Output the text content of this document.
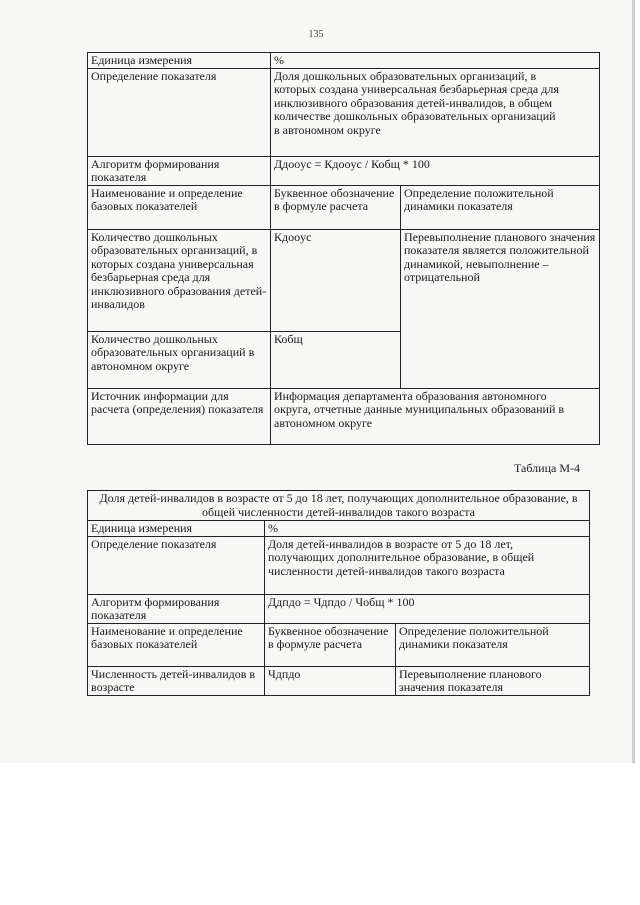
135
Единица измерения	%	
Определение показателя	Доля дошкольных образовательных организаций, в которых создана универсальная безбарьерная среда для инклюзивного образования детей-инвалидов, в общем количестве дошкольных образовательных организаций в автономном округе	
Алгоритм формирования показателя	Ддоoус = Кдоoус / Кобщ * 100	
Наименование и определение базовых показателей	Буквенное обозначение в формуле расчета	Определение положительной динамики показателя
Количество дошкольных образовательных организаций, в которых создана универсальная безбарьерная среда для инклюзивного образования детей-инвалидов	Кдоoус	Перевыполнение планового значения показателя является положительной динамикой, невыполнение – отрицательной
Количество дошкольных образовательных организаций в автономном округе	Кобщ	
Источник информации для расчета (определения) показателя	Информация департамента образования автономного округа, отчетные данные муниципальных образований в автономном округе	
Таблица М-4
Доля детей-инвалидов в возрасте от 5 до 18 лет, получающих дополнительное образование, в общей численности детей-инвалидов такого возраста		
Единица измерения	%	
Определение показателя	Доля детей-инвалидов в возрасте от 5 до 18 лет, получающих дополнительное образование, в общей численности детей-инвалидов такого возраста	
Алгоритм формирования показателя	Ддпдо = Чдпдо / Чобщ * 100	
Наименование и определение базовых показателей	Буквенное обозначение в формуле расчета	Определение положительной динамики показателя
Численность детей-инвалидов в возрасте	Чдпдо	Перевыполнение планового значения показателя
